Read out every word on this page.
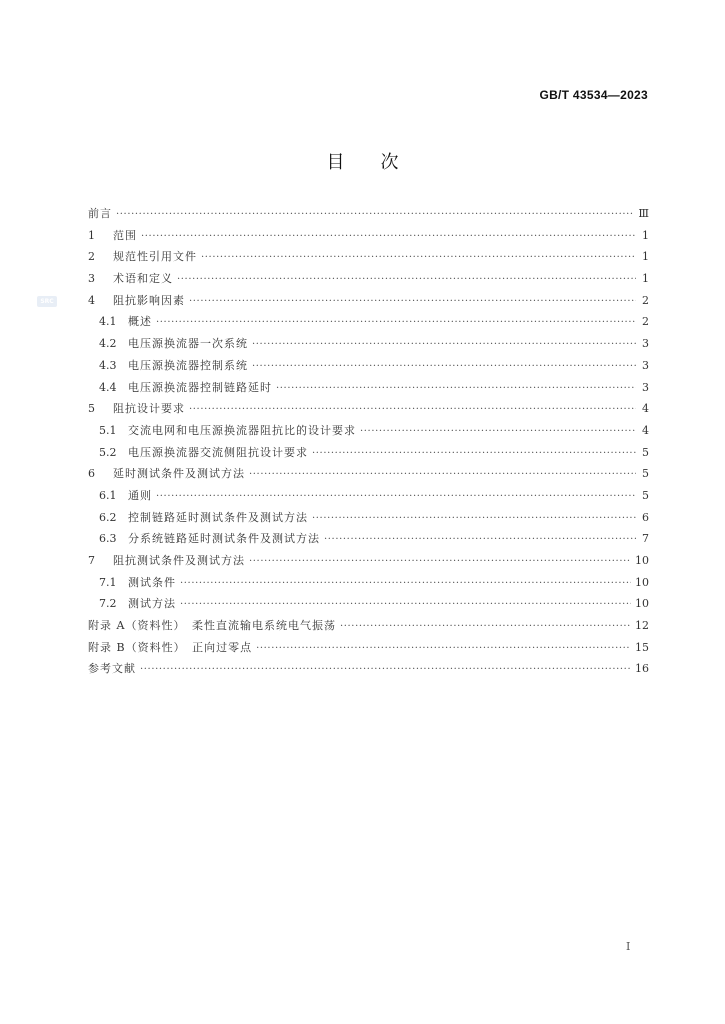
GB/T 43534—2023
SRC
目　　次
前言 ·····	Ⅲ
1	范围 ·····	1
2	规范性引用文件 ·····	1
3	术语和定义 ·····	1
4	阻抗影响因素 ·····	2
4.1	概述 ·····	2
4.2	电压源换流器一次系统 ·····	3
4.3	电压源换流器控制系统 ·····	3
4.4	电压源换流器控制链路延时 ·····	3
5	阻抗设计要求 ·····	4
5.1	交流电网和电压源换流器阻抗比的设计要求 ·····	4
5.2	电压源换流器交流侧阻抗设计要求 ·····	5
6	延时测试条件及测试方法 ·····	5
6.1	通则 ·····	5
6.2	控制链路延时测试条件及测试方法 ·····	6
6.3	分系统链路延时测试条件及测试方法 ·····	7
7	阻抗测试条件及测试方法 ·····	10
7.1	测试条件 ·····	10
7.2	测试方法 ·····	10
附录 A（资料性）　柔性直流输电系统电气振荡 ·····	12
附录 B（资料性）　正向过零点 ·····	15
参考文献 ·····	16
I
